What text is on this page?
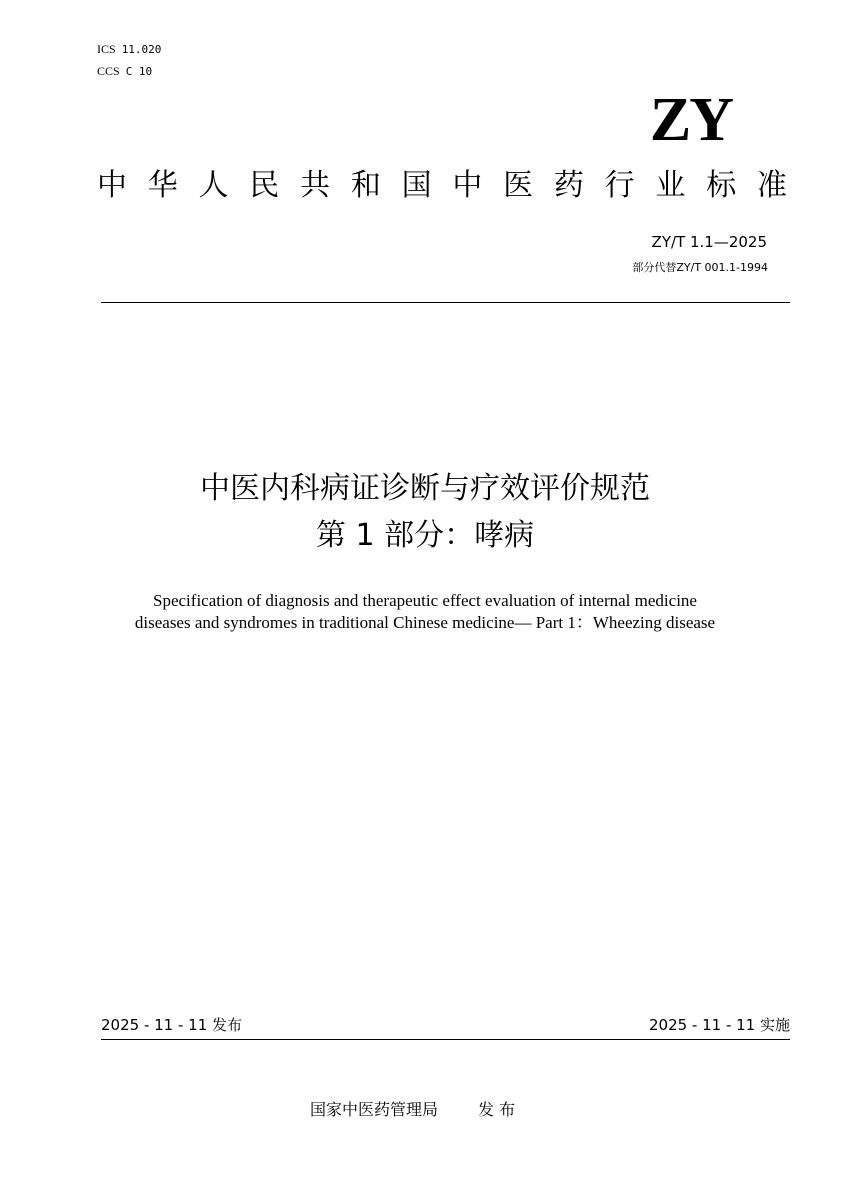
ICS 11.020
CCS C 10
ZY
中 华 人 民 共 和 国 中 医 药 行 业 标 准
ZY/T 1.1—2025
部分代替ZY/T 001.1-1994
中医内科病证诊断与疗效评价规范
第 1 部分：哮病
Specification of diagnosis and therapeutic effect evaluation of internal medicine
diseases and syndromes in traditional Chinese medicine— Part 1：Wheezing disease
2025 - 11 - 11 发布	2025 - 11 - 11 实施
国家中医药管理局	发 布
